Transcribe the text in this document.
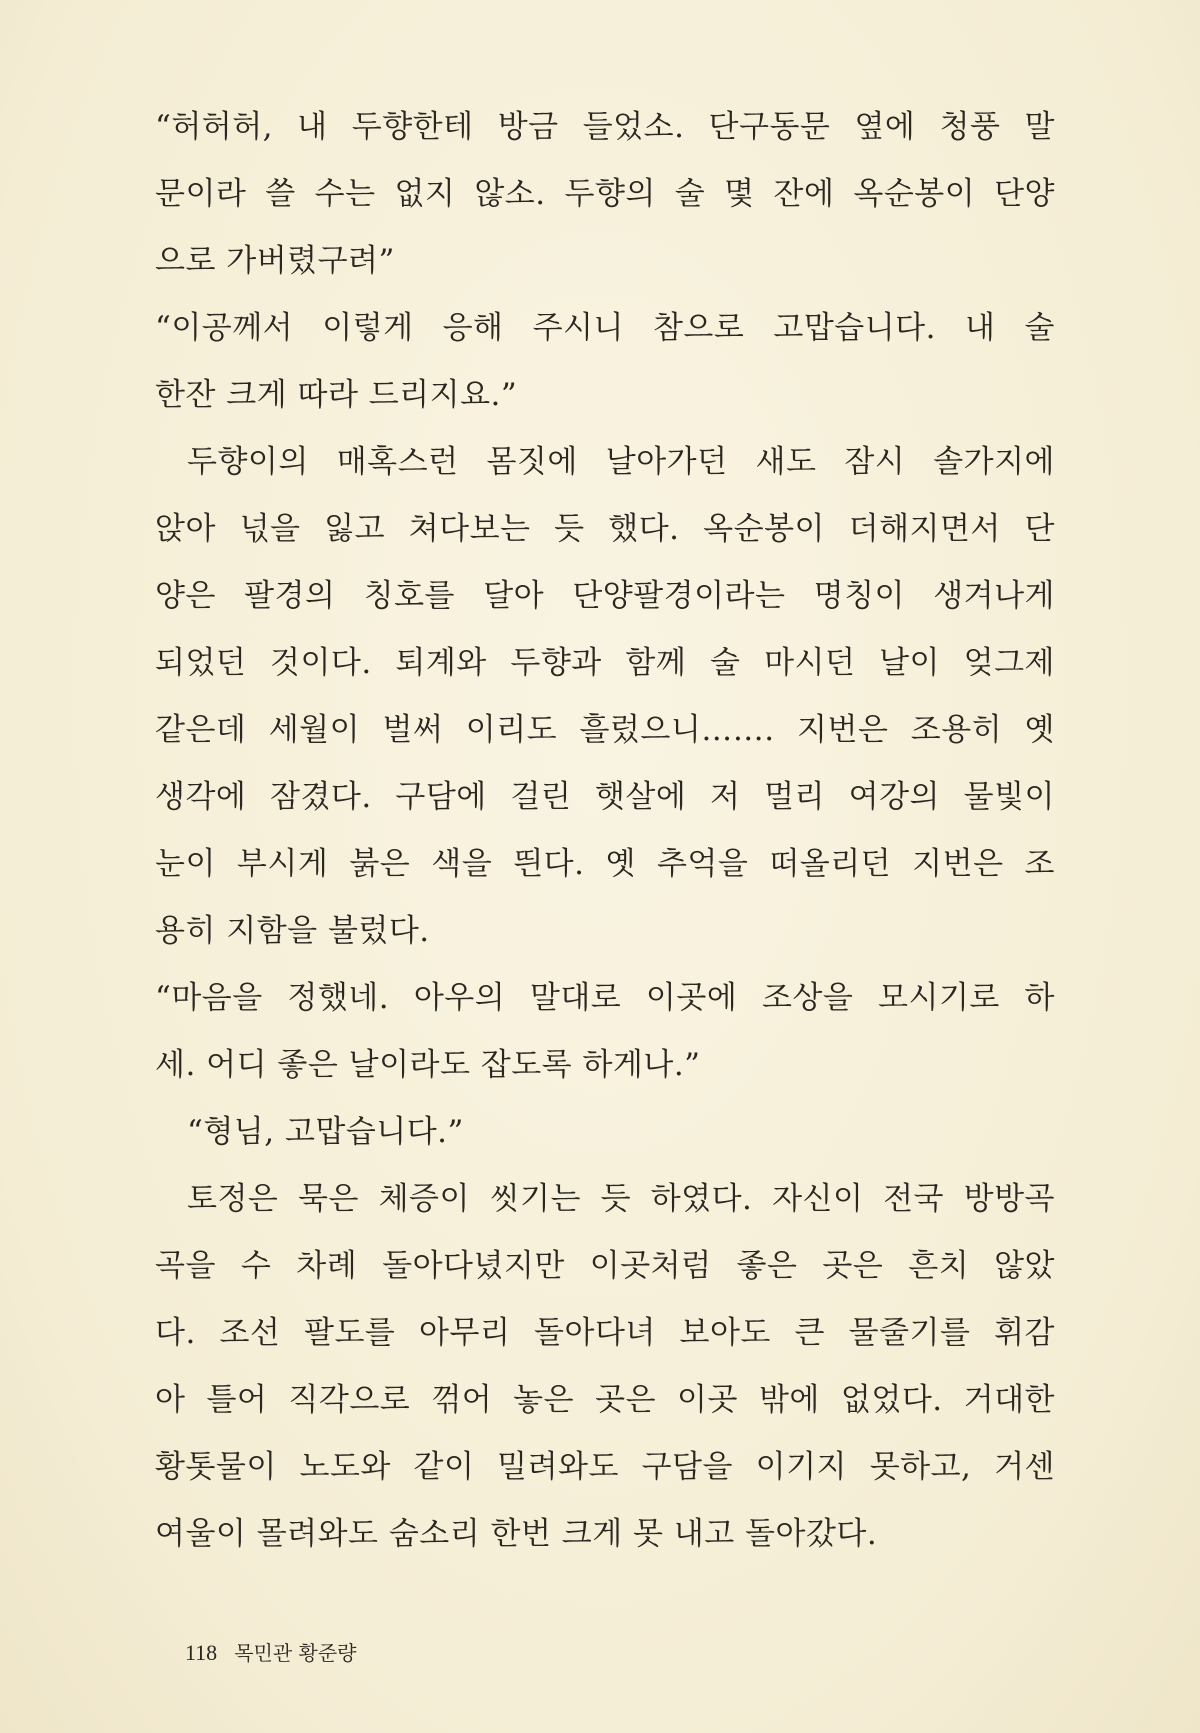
“허허허, 내 두향한테 방금 들었소. 단구동문 옆에 청풍 말
문이라 쓸 수는 없지 않소. 두향의 술 몇 잔에 옥순봉이 단양
으로 가버렸구려”
“이공께서 이렇게 응해 주시니 참으로 고맙습니다. 내 술
한잔 크게 따라 드리지요.”
두향이의 매혹스런 몸짓에 날아가던 새도 잠시 솔가지에
앉아 넋을 잃고 쳐다보는 듯 했다. 옥순봉이 더해지면서 단
양은 팔경의 칭호를 달아 단양팔경이라는 명칭이 생겨나게
되었던 것이다. 퇴계와 두향과 함께 술 마시던 날이 엊그제
같은데 세월이 벌써 이리도 흘렀으니……. 지번은 조용히 옛
생각에 잠겼다. 구담에 걸린 햇살에 저 멀리 여강의 물빛이
눈이 부시게 붉은 색을 띈다. 옛 추억을 떠올리던 지번은 조
용히 지함을 불렀다.
“마음을 정했네. 아우의 말대로 이곳에 조상을 모시기로 하
세. 어디 좋은 날이라도 잡도록 하게나.”
“형님, 고맙습니다.”
토정은 묵은 체증이 씻기는 듯 하였다. 자신이 전국 방방곡
곡을 수 차례 돌아다녔지만 이곳처럼 좋은 곳은 흔치 않았
다. 조선 팔도를 아무리 돌아다녀 보아도 큰 물줄기를 휘감
아 틀어 직각으로 꺾어 놓은 곳은 이곳 밖에 없었다. 거대한
황톳물이 노도와 같이 밀려와도 구담을 이기지 못하고, 거센
여울이 몰려와도 숨소리 한번 크게 못 내고 돌아갔다.
118 목민관 황준량
